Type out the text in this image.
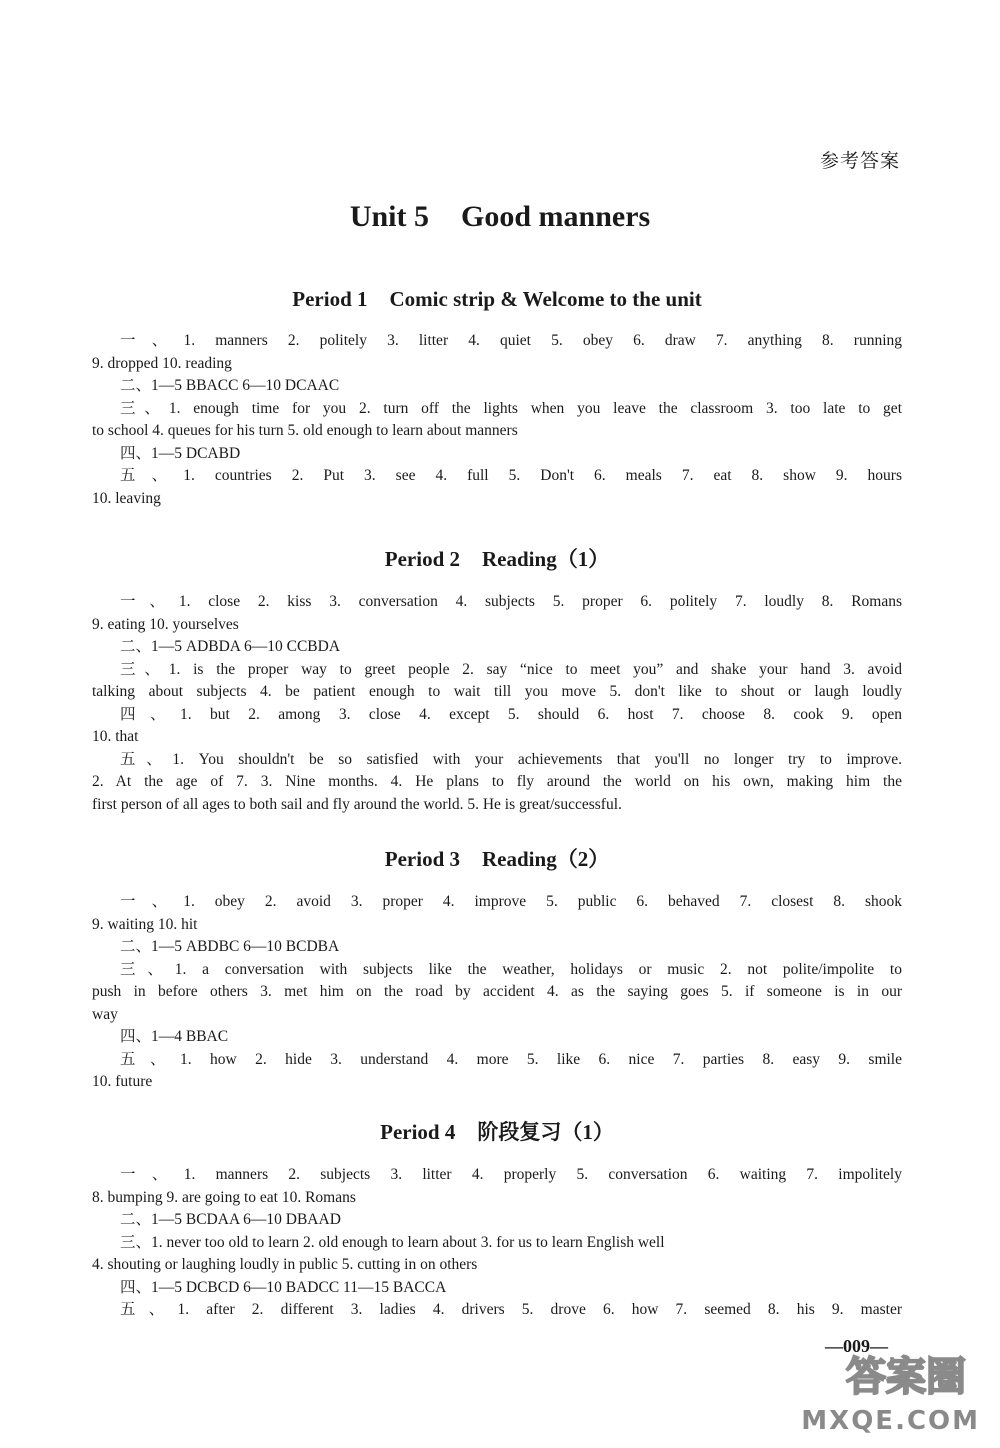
参考答案
Unit 5 Good manners
Period 1 Comic strip & Welcome to the unit
一、1. manners 2. politely 3. litter 4. quiet 5. obey 6. draw 7. anything 8. running
9. dropped 10. reading
二、1—5 BBACC 6—10 DCAAC
三、1. enough time for you 2. turn off the lights when you leave the classroom 3. too late to get
to school 4. queues for his turn 5. old enough to learn about manners
四、1—5 DCABD
五、1. countries 2. Put 3. see 4. full 5. Don't 6. meals 7. eat 8. show 9. hours
10. leaving
Period 2 Reading（1）
一、1. close 2. kiss 3. conversation 4. subjects 5. proper 6. politely 7. loudly 8. Romans
9. eating 10. yourselves
二、1—5 ADBDA 6—10 CCBDA
三、1. is the proper way to greet people 2. say “nice to meet you” and shake your hand 3. avoid
talking about subjects 4. be patient enough to wait till you move 5. don't like to shout or laugh loudly
四、1. but 2. among 3. close 4. except 5. should 6. host 7. choose 8. cook 9. open
10. that
五、1. You shouldn't be so satisfied with your achievements that you'll no longer try to improve.
2. At the age of 7. 3. Nine months. 4. He plans to fly around the world on his own, making him the
first person of all ages to both sail and fly around the world. 5. He is great/successful.
Period 3 Reading（2）
一、1. obey 2. avoid 3. proper 4. improve 5. public 6. behaved 7. closest 8. shook
9. waiting 10. hit
二、1—5 ABDBC 6—10 BCDBA
三、1. a conversation with subjects like the weather, holidays or music 2. not polite/impolite to
push in before others 3. met him on the road by accident 4. as the saying goes 5. if someone is in our
way
四、1—4 BBAC
五、1. how 2. hide 3. understand 4. more 5. like 6. nice 7. parties 8. easy 9. smile
10. future
Period 4 阶段复习（1）
一、1. manners 2. subjects 3. litter 4. properly 5. conversation 6. waiting 7. impolitely
8. bumping 9. are going to eat 10. Romans
二、1—5 BCDAA 6—10 DBAAD
三、1. never too old to learn 2. old enough to learn about 3. for us to learn English well
4. shouting or laughing loudly in public 5. cutting in on others
四、1—5 DCBCD 6—10 BADCC 11—15 BACCA
五、1. after 2. different 3. ladies 4. drivers 5. drove 6. how 7. seemed 8. his 9. master
—009—
答案圈
MXQE.COM
